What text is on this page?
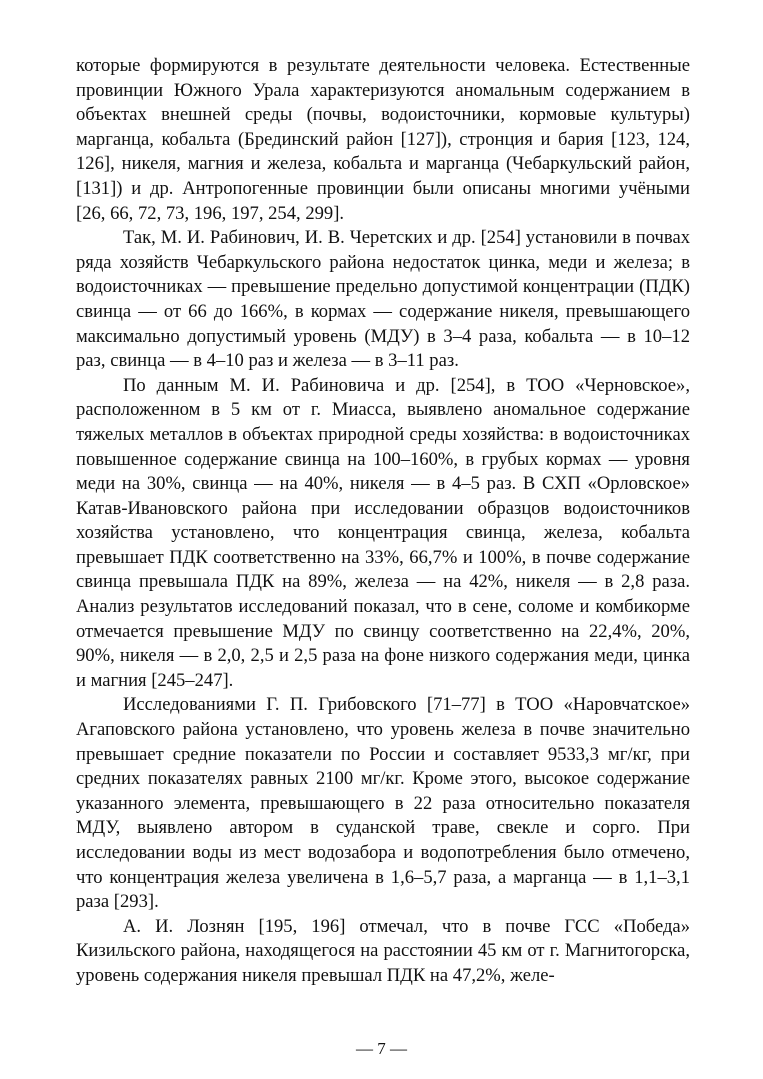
которые формируются в результате деятельности человека. Естественные провинции Южного Урала характеризуются аномальным содержанием в объектах внешней среды (почвы, водоисточники, кормовые культуры) марганца, кобальта (Брединский район [127]), стронция и бария [123, 124, 126], никеля, магния и железа, кобальта и марганца (Чебаркульский район, [131]) и др. Антропогенные провинции были описаны многими учёными [26, 66, 72, 73, 196, 197, 254, 299].

Так, М. И. Рабинович, И. В. Черетских и др. [254] установили в почвах ряда хозяйств Чебаркульского района недостаток цинка, меди и железа; в водоисточниках — превышение предельно допустимой концентрации (ПДК) свинца — от 66 до 166%, в кормах — содержание никеля, превышающего максимально допустимый уровень (МДУ) в 3–4 раза, кобальта — в 10–12 раз, свинца — в 4–10 раз и железа — в 3–11 раз.

По данным М. И. Рабиновича и др. [254], в ТОО «Черновское», расположенном в 5 км от г. Миасса, выявлено аномальное содержание тяжелых металлов в объектах природной среды хозяйства: в водоисточниках повышенное содержание свинца на 100–160%, в грубых кормах — уровня меди на 30%, свинца — на 40%, никеля — в 4–5 раз. В СХП «Орловское» Катав-Ивановского района при исследовании образцов водоисточников хозяйства установлено, что концентрация свинца, железа, кобальта превышает ПДК соответственно на 33%, 66,7% и 100%, в почве содержание свинца превышала ПДК на 89%, железа — на 42%, никеля — в 2,8 раза. Анализ результатов исследований показал, что в сене, соломе и комбикорме отмечается превышение МДУ по свинцу соответственно на 22,4%, 20%, 90%, никеля — в 2,0, 2,5 и 2,5 раза на фоне низкого содержания меди, цинка и магния [245–247].

Исследованиями Г. П. Грибовского [71–77] в ТОО «Наровчатское» Агаповского района установлено, что уровень железа в почве значительно превышает средние показатели по России и составляет 9533,3 мг/кг, при средних показателях равных 2100 мг/кг. Кроме этого, высокое содержание указанного элемента, превышающего в 22 раза относительно показателя МДУ, выявлено автором в суданской траве, свекле и сорго. При исследовании воды из мест водозабора и водопотребления было отмечено, что концентрация железа увеличена в 1,6–5,7 раза, а марганца — в 1,1–3,1 раза [293].

А. И. Лознян [195, 196] отмечал, что в почве ГСС «Победа» Кизильского района, находящегося на расстоянии 45 км от г. Магнитогорска, уровень содержания никеля превышал ПДК на 47,2%, желе-

— 7 —
